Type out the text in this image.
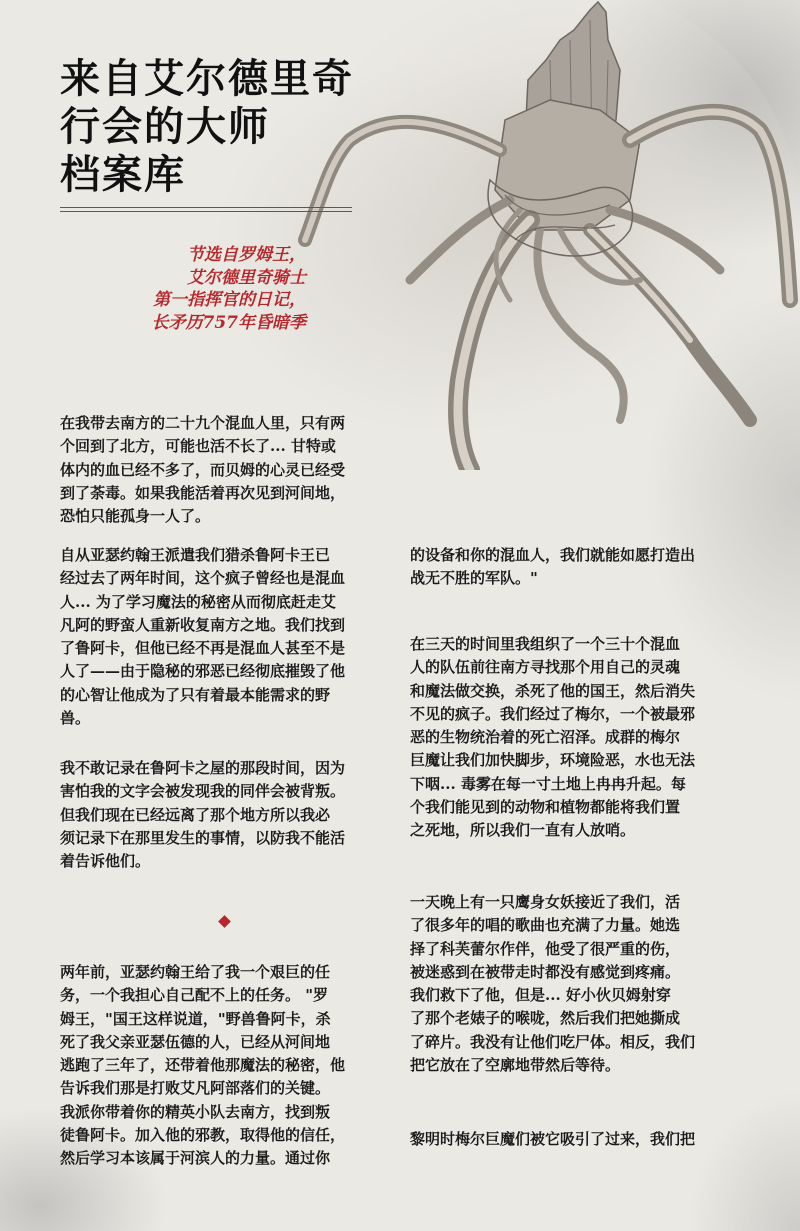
来自艾尔德里奇
行会的大师
档案库
节选自罗姆王，
艾尔德里奇骑士
第一指挥官的日记，
长矛历757年昏暗季
在我带去南方的二十九个混血人里，只有两
个回到了北方，可能也活不长了... 甘特或
体内的血已经不多了，而贝姆的心灵已经受
到了荼毒。如果我能活着再次见到河间地，
恐怕只能孤身一人了。
自从亚瑟约翰王派遣我们猎杀鲁阿卡王已
经过去了两年时间，这个疯子曾经也是混血
人... 为了学习魔法的秘密从而彻底赶走艾
凡阿的野蛮人重新收复南方之地。我们找到
了鲁阿卡，但他已经不再是混血人甚至不是
人了——由于隐秘的邪恶已经彻底摧毁了他
的心智让他成为了只有着最本能需求的野
兽。
我不敢记录在鲁阿卡之屋的那段时间，因为
害怕我的文字会被发现我的同伴会被背叛。
但我们现在已经远离了那个地方所以我必
须记录下在那里发生的事情，以防我不能活
着告诉他们。
两年前，亚瑟约翰王给了我一个艰巨的任
务，一个我担心自己配不上的任务。 "罗
姆王，"国王这样说道，"野兽鲁阿卡，杀
死了我父亲亚瑟伍德的人，已经从河间地
逃跑了三年了，还带着他那魔法的秘密，他
告诉我们那是打败艾凡阿部落们的关键。
我派你带着你的精英小队去南方，找到叛
徒鲁阿卡。加入他的邪教，取得他的信任，
然后学习本该属于河滨人的力量。通过你
的设备和你的混血人，我们就能如愿打造出
战无不胜的军队。"
在三天的时间里我组织了一个三十个混血
人的队伍前往南方寻找那个用自己的灵魂
和魔法做交换，杀死了他的国王，然后消失
不见的疯子。我们经过了梅尔，一个被最邪
恶的生物统治着的死亡沼泽。成群的梅尔
巨魔让我们加快脚步，环境险恶，水也无法
下咽... 毒雾在每一寸土地上冉冉升起。每
个我们能见到的动物和植物都能将我们置
之死地，所以我们一直有人放哨。
一天晚上有一只鹰身女妖接近了我们，活
了很多年的唱的歌曲也充满了力量。她选
择了科芙蕾尔作伴，他受了很严重的伤，
被迷惑到在被带走时都没有感觉到疼痛。
我们救下了他，但是... 好小伙贝姆射穿
了那个老婊子的喉咙，然后我们把她撕成
了碎片。我没有让他们吃尸体。相反，我们
把它放在了空廓地带然后等待。
黎明时梅尔巨魔们被它吸引了过来，我们把
